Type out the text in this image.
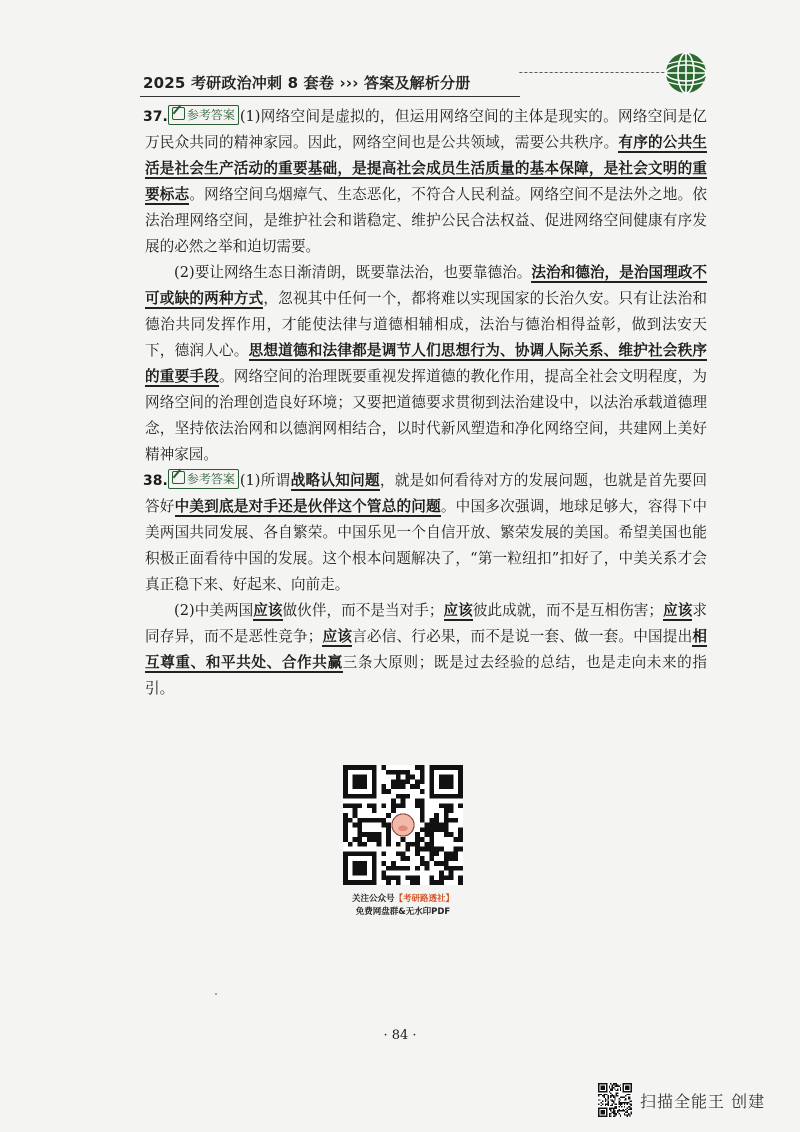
2025 考研政治冲刺 8 套卷 ››› 答案及解析分册

37. 参考答案 (1)网络空间是虚拟的，但运用网络空间的主体是现实的。网络空间是亿万民众共同的精神家园。因此，网络空间也是公共领域，需要公共秩序。有序的公共生活是社会生产活动的重要基础，是提高社会成员生活质量的基本保障，是社会文明的重要标志。网络空间乌烟瘴气、生态恶化，不符合人民利益。网络空间不是法外之地。依法治理网络空间，是维护社会和谐稳定、维护公民合法权益、促进网络空间健康有序发展的必然之举和迫切需要。

(2)要让网络生态日渐清朗，既要靠法治，也要靠德治。法治和德治，是治国理政不可或缺的两种方式，忽视其中任何一个，都将难以实现国家的长治久安。只有让法治和德治共同发挥作用，才能使法律与道德相辅相成，法治与德治相得益彰，做到法安天下，德润人心。思想道德和法律都是调节人们思想行为、协调人际关系、维护社会秩序的重要手段。网络空间的治理既要重视发挥道德的教化作用，提高全社会文明程度，为网络空间的治理创造良好环境；又要把道德要求贯彻到法治建设中，以法治承载道德理念，坚持依法治网和以德润网相结合，以时代新风塑造和净化网络空间，共建网上美好精神家园。

38. 参考答案 (1)所谓战略认知问题，就是如何看待对方的发展问题，也就是首先要回答好中美到底是对手还是伙伴这个管总的问题。中国多次强调，地球足够大，容得下中美两国共同发展、各自繁荣。中国乐见一个自信开放、繁荣发展的美国。希望美国也能积极正面看待中国的发展。这个根本问题解决了，“第一粒纽扣”扣好了，中美关系才会真正稳下来、好起来、向前走。

(2)中美两国应该做伙伴，而不是当对手；应该彼此成就，而不是互相伤害；应该求同存异，而不是恶性竞争；应该言必信、行必果，而不是说一套、做一套。中国提出相互尊重、和平共处、合作共赢三条大原则；既是过去经验的总结，也是走向未来的指引。

关注公众号【考研路透社】
免费网盘群&无水印PDF
· 84 ·
扫描全能王 创建
